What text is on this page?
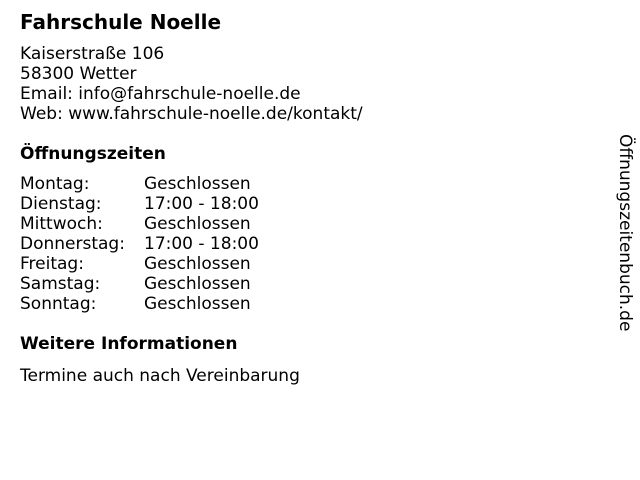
Fahrschule Noelle
Kaiserstraße 106
58300 Wetter
Email: info@fahrschule-noelle.de
Web: www.fahrschule-noelle.de/kontakt/
Öffnungszeiten
Montag:	Geschlossen
Dienstag:	17:00 - 18:00
Mittwoch:	Geschlossen
Donnerstag:	17:00 - 18:00
Freitag:	Geschlossen
Samstag:	Geschlossen
Sonntag:	Geschlossen
Weitere Informationen
Termine auch nach Vereinbarung
Öffnungszeitenbuch.de
